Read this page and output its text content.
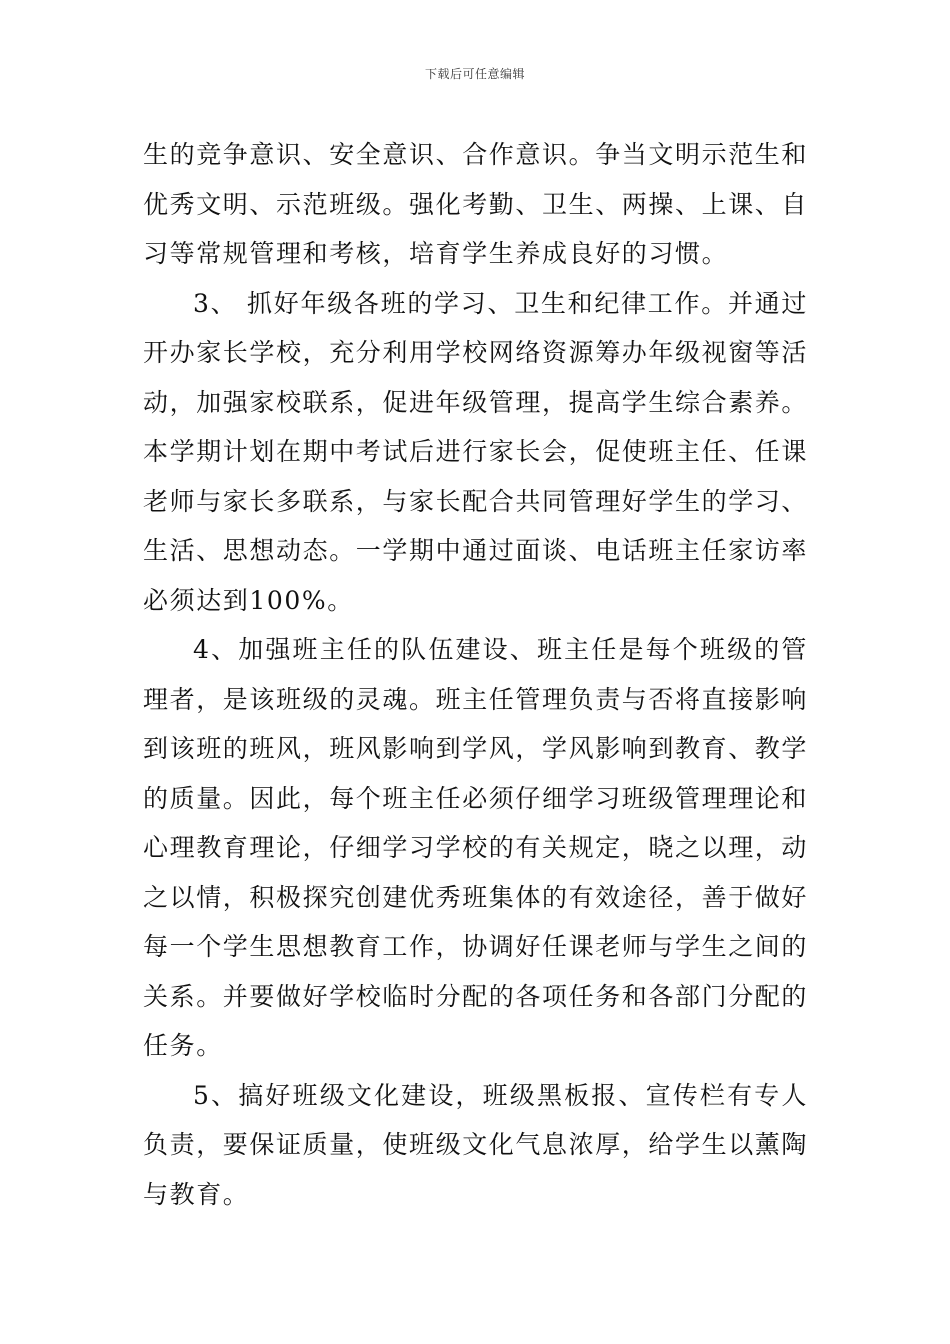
下载后可任意编辑

生的竞争意识、安全意识、合作意识。争当文明示范生和优秀文明、示范班级。强化考勤、卫生、两操、上课、自习等常规管理和考核，培育学生养成良好的习惯。

3、 抓好年级各班的学习、卫生和纪律工作。并通过开办家长学校，充分利用学校网络资源筹办年级视窗等活动，加强家校联系，促进年级管理，提高学生综合素养。本学期计划在期中考试后进行家长会，促使班主任、任课老师与家长多联系，与家长配合共同管理好学生的学习、生活、思想动态。一学期中通过面谈、电话班主任家访率必须达到100%。

4、加强班主任的队伍建设、班主任是每个班级的管理者，是该班级的灵魂。班主任管理负责与否将直接影响到该班的班风，班风影响到学风，学风影响到教育、教学的质量。因此，每个班主任必须仔细学习班级管理理论和心理教育理论，仔细学习学校的有关规定，晓之以理，动之以情，积极探究创建优秀班集体的有效途径，善于做好每一个学生思想教育工作，协调好任课老师与学生之间的关系。并要做好学校临时分配的各项任务和各部门分配的任务。

5、搞好班级文化建设，班级黑板报、宣传栏有专人负责，要保证质量，使班级文化气息浓厚，给学生以薰陶与教育。
